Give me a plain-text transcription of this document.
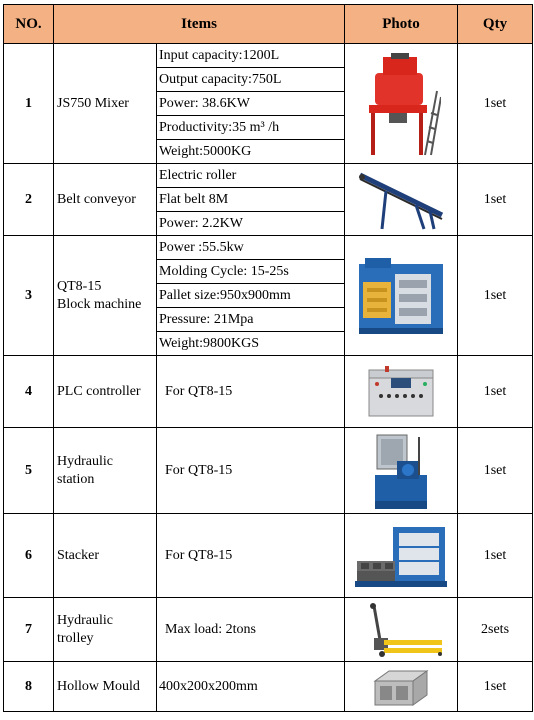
NO.	Items		Photo	Qty
1	JS750 Mixer	Input capacity:1200L		1set
		Output capacity:750L		
		Power: 38.6KW		
		Productivity:35 m³ /h		
		Weight:5000KG		
2	Belt conveyor	Electric roller		1set
		Flat belt 8M		
		Power: 2.2KW		
3	QT8-15
Block machine	Power :55.5kw		1set
		Molding Cycle: 15-25s		
		Pallet size:950x900mm		
		Pressure: 21Mpa		
		Weight:9800KGS		
4	PLC controller	For QT8-15		1set
5	Hydraulic
station	For QT8-15		1set
6	Stacker	For QT8-15		1set
7	Hydraulic
trolley	Max load: 2tons		2sets
8	Hollow Mould	400x200x200mm		1set
